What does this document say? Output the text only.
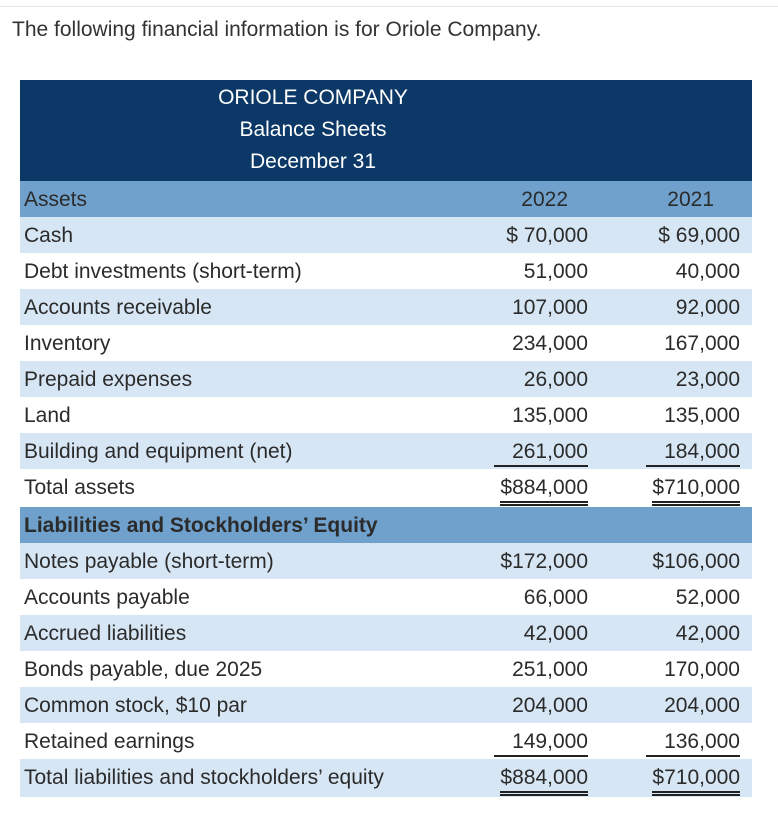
The following financial information is for Oriole Company.
ORIOLE COMPANY
Balance Sheets
December 31
Assets	2022	2021
Cash	$ 70,000	$ 69,000
Debt investments (short-term)	51,000	40,000
Accounts receivable	107,000	92,000
Inventory	234,000	167,000
Prepaid expenses	26,000	23,000
Land	135,000	135,000
Building and equipment (net)	261,000	184,000
Total assets	$884,000	$710,000
Liabilities and Stockholders’ Equity
Notes payable (short-term)	$172,000	$106,000
Accounts payable	66,000	52,000
Accrued liabilities	42,000	42,000
Bonds payable, due 2025	251,000	170,000
Common stock, $10 par	204,000	204,000
Retained earnings	149,000	136,000
Total liabilities and stockholders’ equity	$884,000	$710,000
